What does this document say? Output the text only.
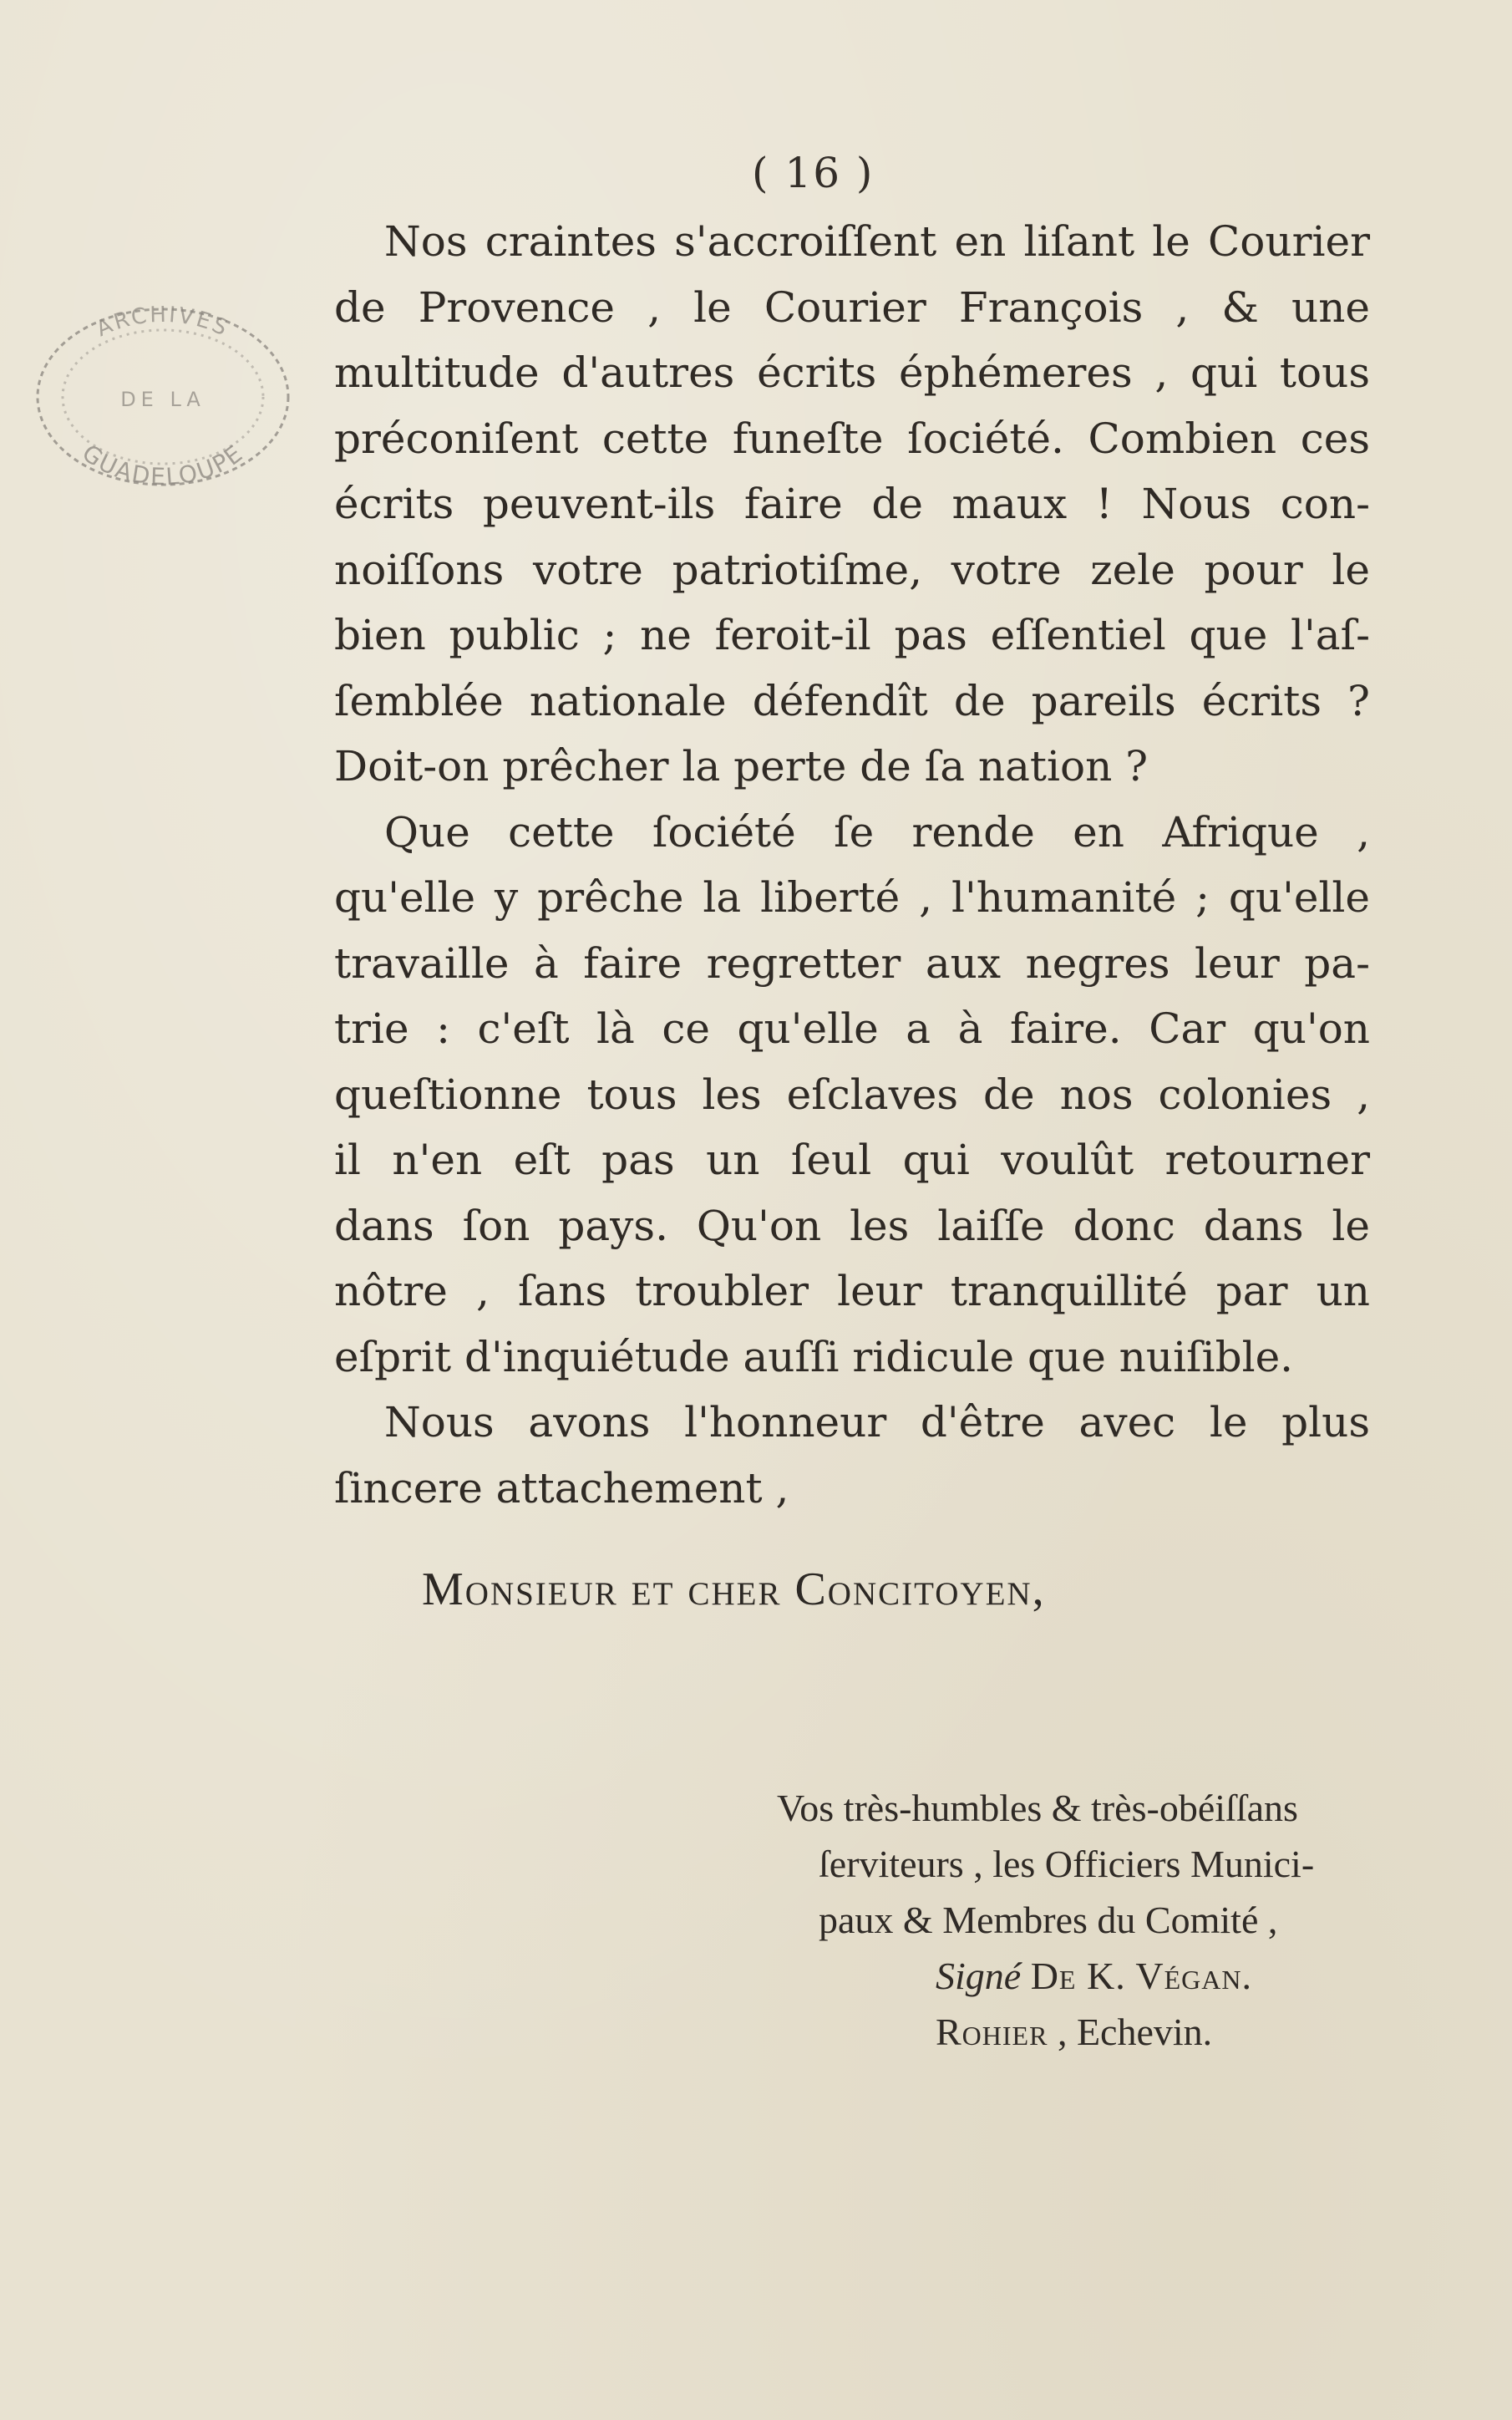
ARCHIVES
DE LA
GUADELOUPE
( 16 )
Nos craintes s'accroiſſent en liſant le Courier
de Provence , le Courier François , & une
multitude d'autres écrits éphémeres , qui tous
préconiſent cette funeſte ſociété. Combien ces
écrits peuvent-ils faire de maux ! Nous con-
noiſſons votre patriotiſme, votre zele pour le
bien public ; ne feroit-il pas eſſentiel que l'aſ-
ſemblée nationale défendît de pareils écrits ?
Doit-on prêcher la perte de ſa nation ?
Que cette ſociété ſe rende en Afrique ,
qu'elle y prêche la liberté , l'humanité ; qu'elle
travaille à faire regretter aux negres leur pa-
trie : c'eſt là ce qu'elle a à faire. Car qu'on
queſtionne tous les eſclaves de nos colonies ,
il n'en eſt pas un ſeul qui voulût retourner
dans ſon pays. Qu'on les laiſſe donc dans le
nôtre , ſans troubler leur tranquillité par un
eſprit d'inquiétude auſſi ridicule que nuiſible.
Nous avons l'honneur d'être avec le plus
ſincere attachement ,
Monsieur et cher Concitoyen,
Vos très-humbles & très-obéiſſans
ſerviteurs , les Officiers Munici-
paux & Membres du Comité ,
Signé De K. Végan.
Rohier , Echevin.
